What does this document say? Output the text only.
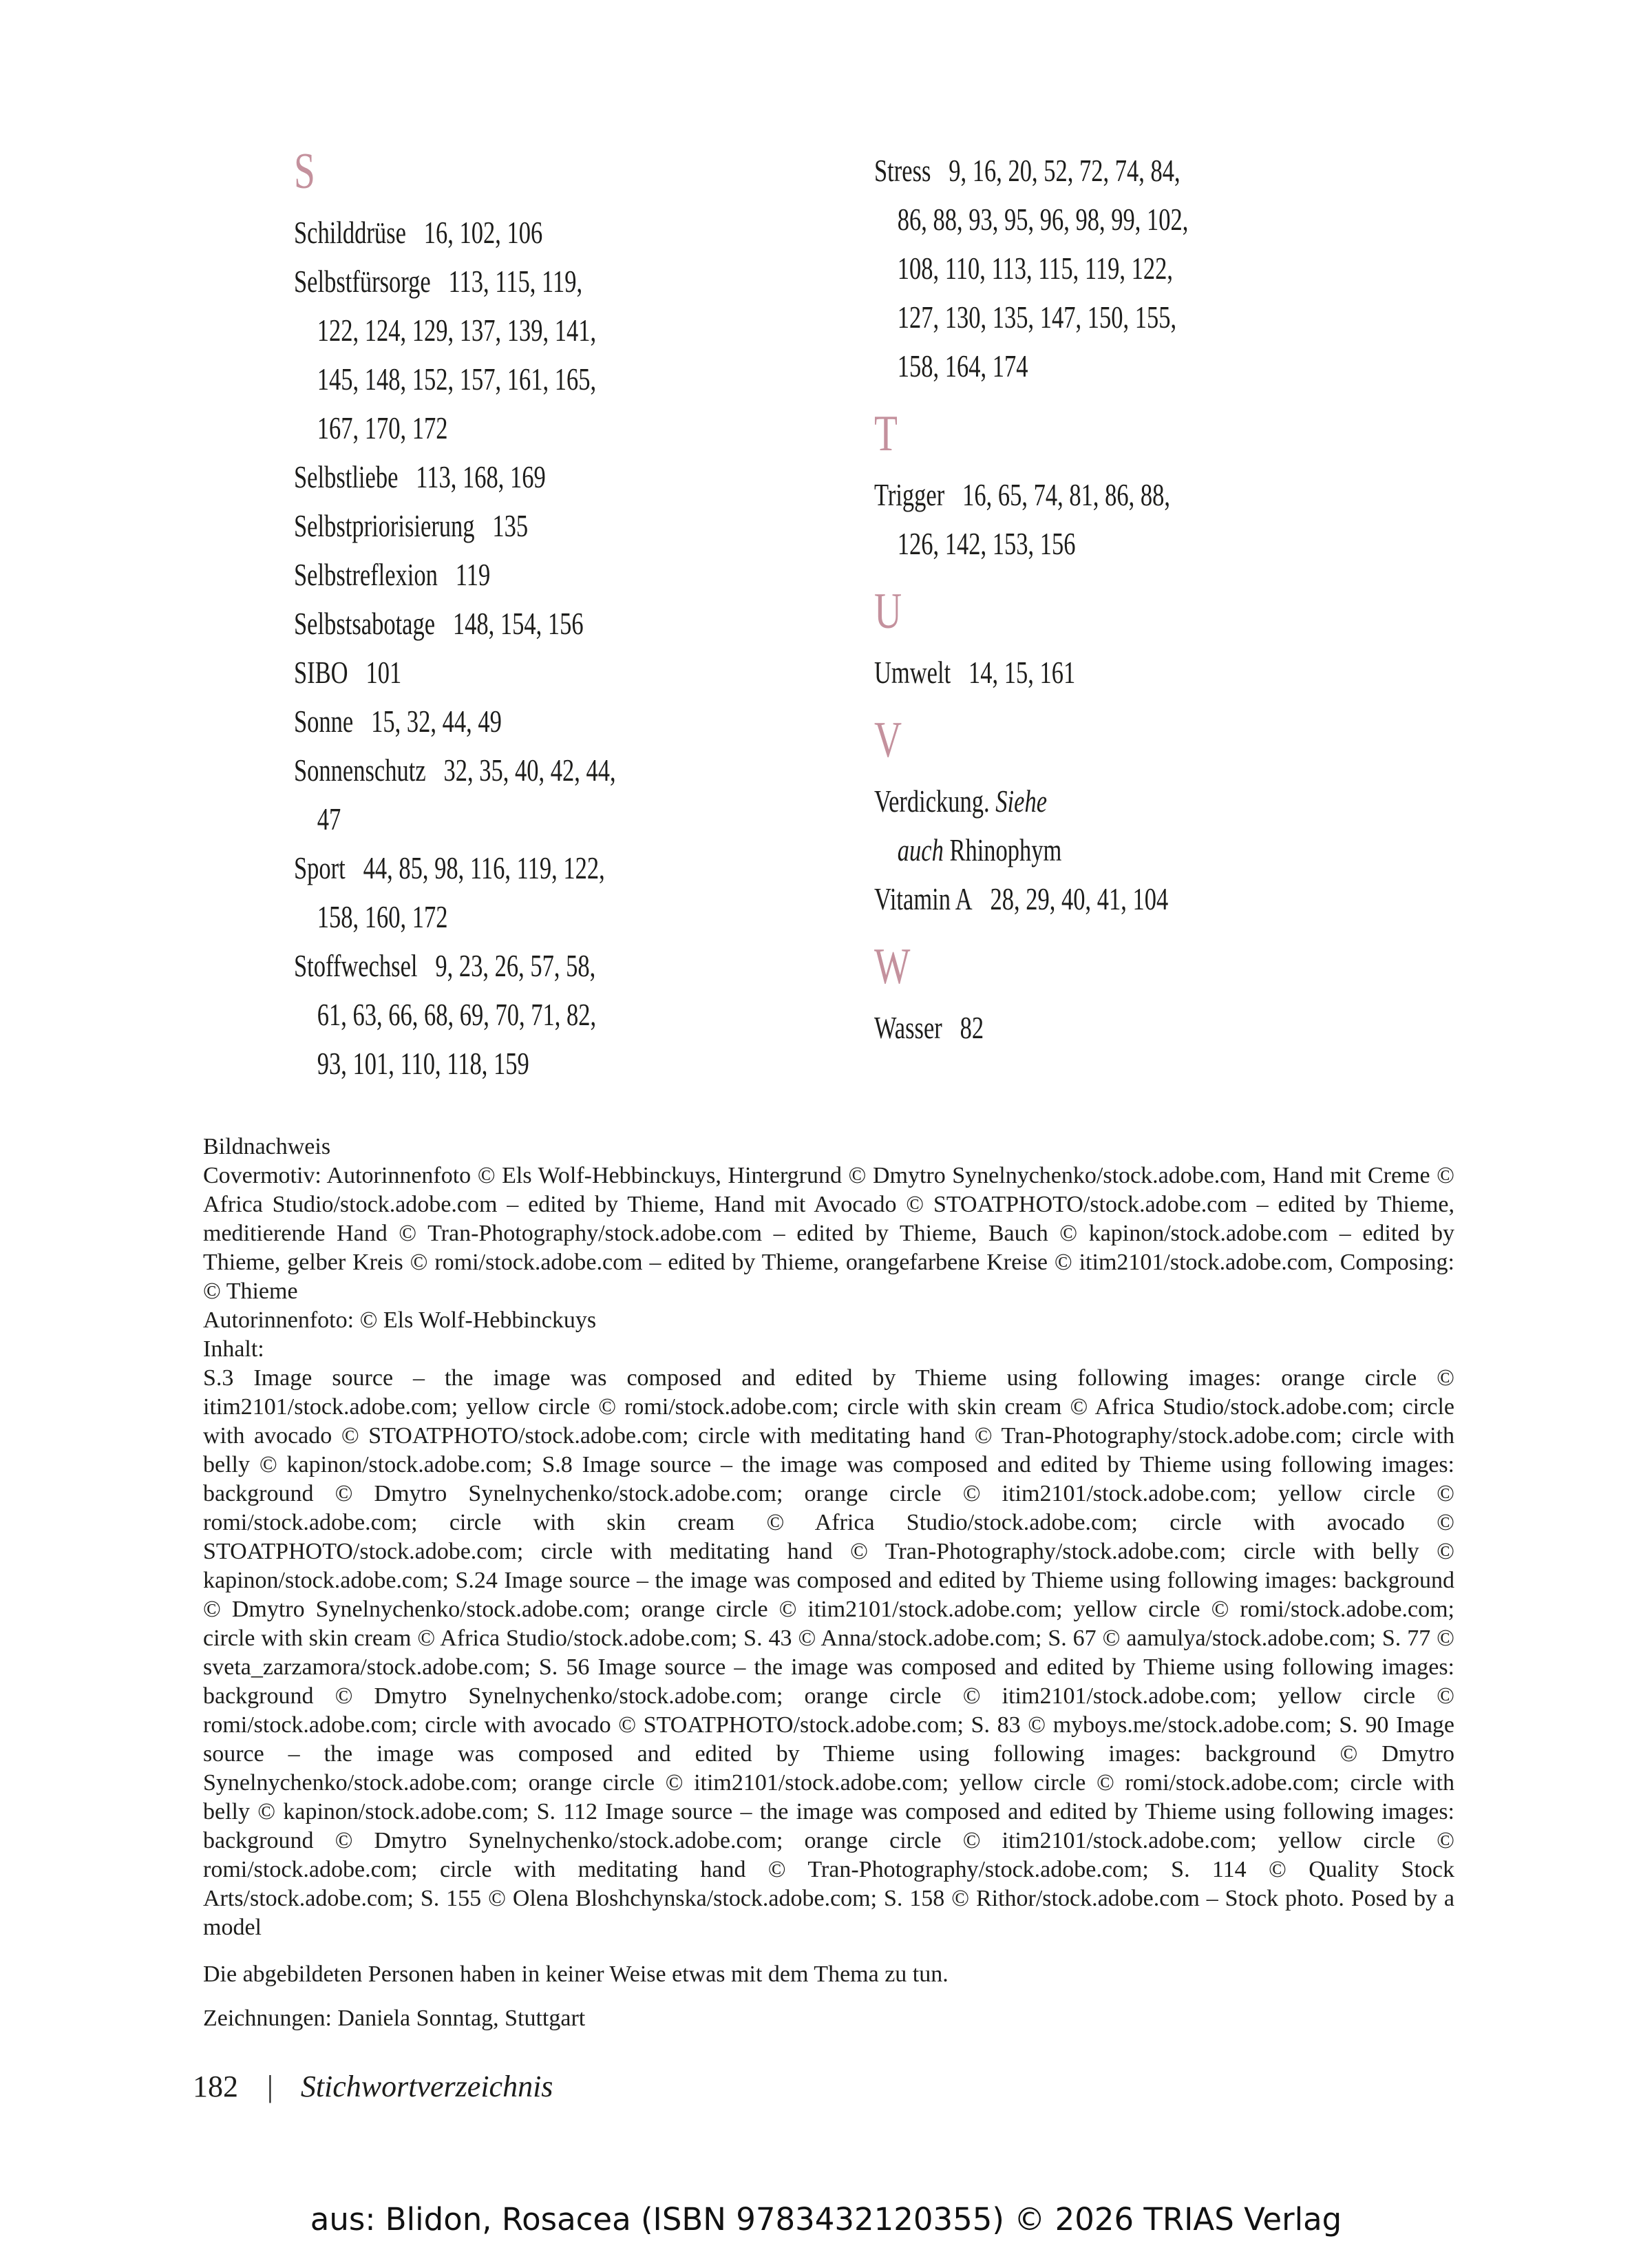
S

Schilddrüse 16, 102, 106

Selbstfürsorge 113, 115, 119, 122, 124, 129, 137, 139, 141, 145, 148, 152, 157, 161, 165, 167, 170, 172

Selbstliebe 113, 168, 169

Selbstpriorisierung 135

Selbstreflexion 119

Selbstsabotage 148, 154, 156

SIBO 101

Sonne 15, 32, 44, 49

Sonnenschutz 32, 35, 40, 42, 44, 47

Sport 44, 85, 98, 116, 119, 122, 158, 160, 172

Stoffwechsel 9, 23, 26, 57, 58, 61, 63, 66, 68, 69, 70, 71, 82, 93, 101, 110, 118, 159

Stress 9, 16, 20, 52, 72, 74, 84, 86, 88, 93, 95, 96, 98, 99, 102, 108, 110, 113, 115, 119, 122, 127, 130, 135, 147, 150, 155, 158, 164, 174

T

Trigger 16, 65, 74, 81, 86, 88, 126, 142, 153, 156

U

Umwelt 14, 15, 161

V

Verdickung. Siehe
auch Rhinophym

Vitamin A 28, 29, 40, 41, 104

W

Wasser 82

Bildnachweis

Covermotiv: Autorinnenfoto © Els Wolf-Hebbinckuys, Hintergrund © Dmytro Synelnychenko/stock.adobe.com, Hand mit Creme © Africa Studio/stock.adobe.com – edited by Thieme, Hand mit Avocado © STOATPHOTO/stock.adobe.com – edited by Thieme, meditierende Hand © Tran-Photography/stock.adobe.com – edited by Thieme, Bauch © kapinon/stock.adobe.com – edited by Thieme, gelber Kreis © romi/stock.adobe.com – edited by Thieme, orangefarbene Kreise © itim2101/stock.adobe.com, Composing: © Thieme

Autorinnenfoto: © Els Wolf-Hebbinckuys

Inhalt:

S.3 Image source – the image was composed and edited by Thieme using following images: orange circle © itim2101/stock.adobe.com; yellow circle © romi/stock.adobe.com; circle with skin cream © Africa Studio/stock.adobe.com; circle with avocado © STOATPHOTO/stock.adobe.com; circle with meditating hand © Tran-Photography/stock.adobe.com; circle with belly © kapinon/stock.adobe.com; S.8 Image source – the image was composed and edited by Thieme using following images: background © Dmytro Synelnychenko/stock.adobe.com; orange circle © itim2101/stock.adobe.com; yellow circle © romi/stock.adobe.com; circle with skin cream © Africa Studio/stock.adobe.com; circle with avocado © STOATPHOTO/stock.adobe.com; circle with meditating hand © Tran-Photography/stock.adobe.com; circle with belly © kapinon/stock.adobe.com; S.24 Image source – the image was composed and edited by Thieme using following images: background © Dmytro Synelnychenko/stock.adobe.com; orange circle © itim2101/stock.adobe.com; yellow circle © romi/stock.adobe.com; circle with skin cream © Africa Studio/stock.adobe.com; S. 43 © Anna/stock.adobe.com; S. 67 © aamulya/stock.adobe.com; S. 77 © sveta_zarzamora/stock.adobe.com; S. 56 Image source – the image was composed and edited by Thieme using following images: background © Dmytro Synelnychenko/stock.adobe.com; orange circle © itim2101/stock.adobe.com; yellow circle © romi/stock.adobe.com; circle with avocado © STOATPHOTO/stock.adobe.com; S. 83 © myboys.me/stock.adobe.com; S. 90 Image source – the image was composed and edited by Thieme using following images: background © Dmytro Synelnychenko/stock.adobe.com; orange circle © itim2101/stock.adobe.com; yellow circle © romi/stock.adobe.com; circle with belly © kapinon/stock.adobe.com; S. 112 Image source – the image was composed and edited by Thieme using following images: background © Dmytro Synelnychenko/stock.adobe.com; orange circle © itim2101/stock.adobe.com; yellow circle © romi/stock.adobe.com; circle with meditating hand © Tran-Photography/stock.adobe.com; S. 114 © Quality Stock Arts/stock.adobe.com; S. 155 © Olena Bloshchynska/stock.adobe.com; S. 158 © Rithor/stock.adobe.com – Stock photo. Posed by a model

Die abgebildeten Personen haben in keiner Weise etwas mit dem Thema zu tun.

Zeichnungen: Daniela Sonntag, Stuttgart

182 | Stichwortverzeichnis
aus: Blidon, Rosacea (ISBN 9783432120355) © 2026 TRIAS Verlag
